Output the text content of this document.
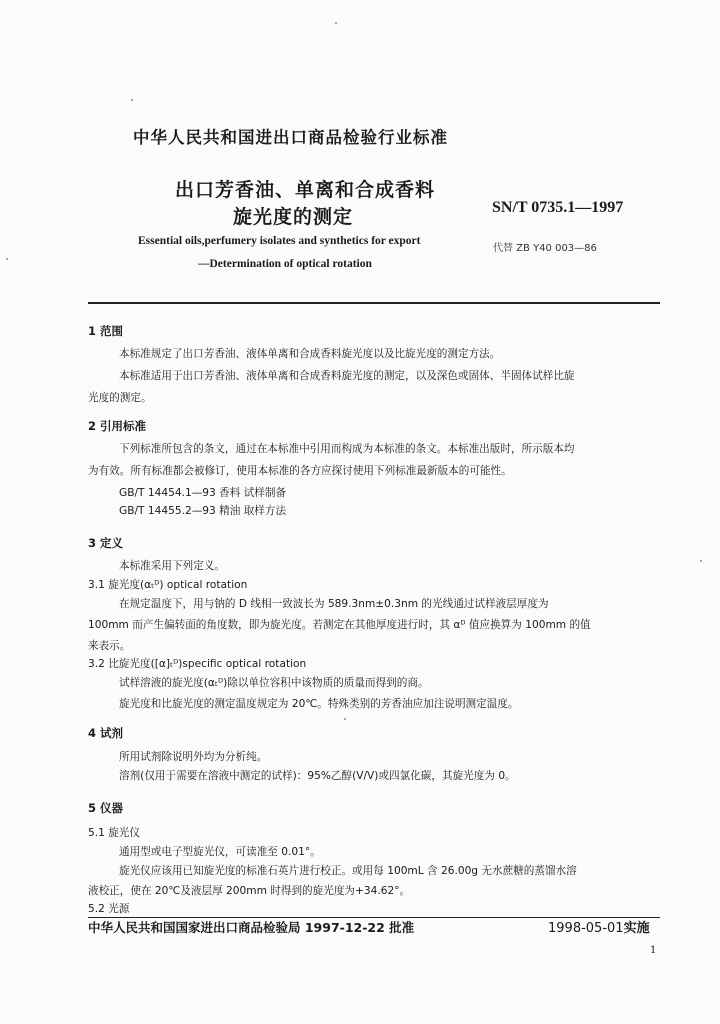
中华人民共和国进出口商品检验行业标准
出口芳香油、单离和合成香料
旋光度的测定	SN/T 0735.1—1997
Essential oils,perfumery isolates and synthetics for export
—Determination of optical rotation
代替 ZB Y40 003—86
1 范围
本标准规定了出口芳香油、液体单离和合成香料旋光度以及比旋光度的测定方法。
本标准适用于出口芳香油、液体单离和合成香料旋光度的测定，以及深色或固体、半固体试样比旋
光度的测定。
2 引用标准
下列标准所包含的条文，通过在本标准中引用而构成为本标准的条文。本标准出版时，所示版本均
为有效。所有标准都会被修订，使用本标准的各方应探讨使用下列标准最新版本的可能性。
GB/T 14454.1—93 香料 试样制备
GB/T 14455.2—93 精油 取样方法
3 定义
本标准采用下列定义。
3.1 旋光度(αₜᴰ) optical rotation
在规定温度下，用与钠的 D 线相一致波长为 589.3nm±0.3nm 的光线通过试样液层厚度为
100mm 而产生偏转面的角度数，即为旋光度。若测定在其他厚度进行时，其 αᴰ 值应换算为 100mm 的值
来表示。
3.2 比旋光度([α]ₜᴰ)specific optical rotation
试样溶液的旋光度(αₜᴰ)除以单位容积中该物质的质量而得到的商。
旋光度和比旋光度的测定温度规定为 20℃。特殊类别的芳香油应加注说明测定温度。
4 试剂
所用试剂除说明外均为分析纯。
溶剂(仅用于需要在溶液中测定的试样)：95%乙醇(V/V)或四氯化碳，其旋光度为 0。
5 仪器
5.1 旋光仪
通用型或电子型旋光仪，可读准至 0.01°。
旋光仪应该用已知旋光度的标准石英片进行校正。或用每 100mL 含 26.00g 无水蔗糖的蒸馏水溶
液校正，使在 20℃及液层厚 200mm 时得到的旋光度为+34.62°。
5.2 光源
中华人民共和国国家进出口商品检验局 1997-12-22 批准	1998-05-01实施
1
